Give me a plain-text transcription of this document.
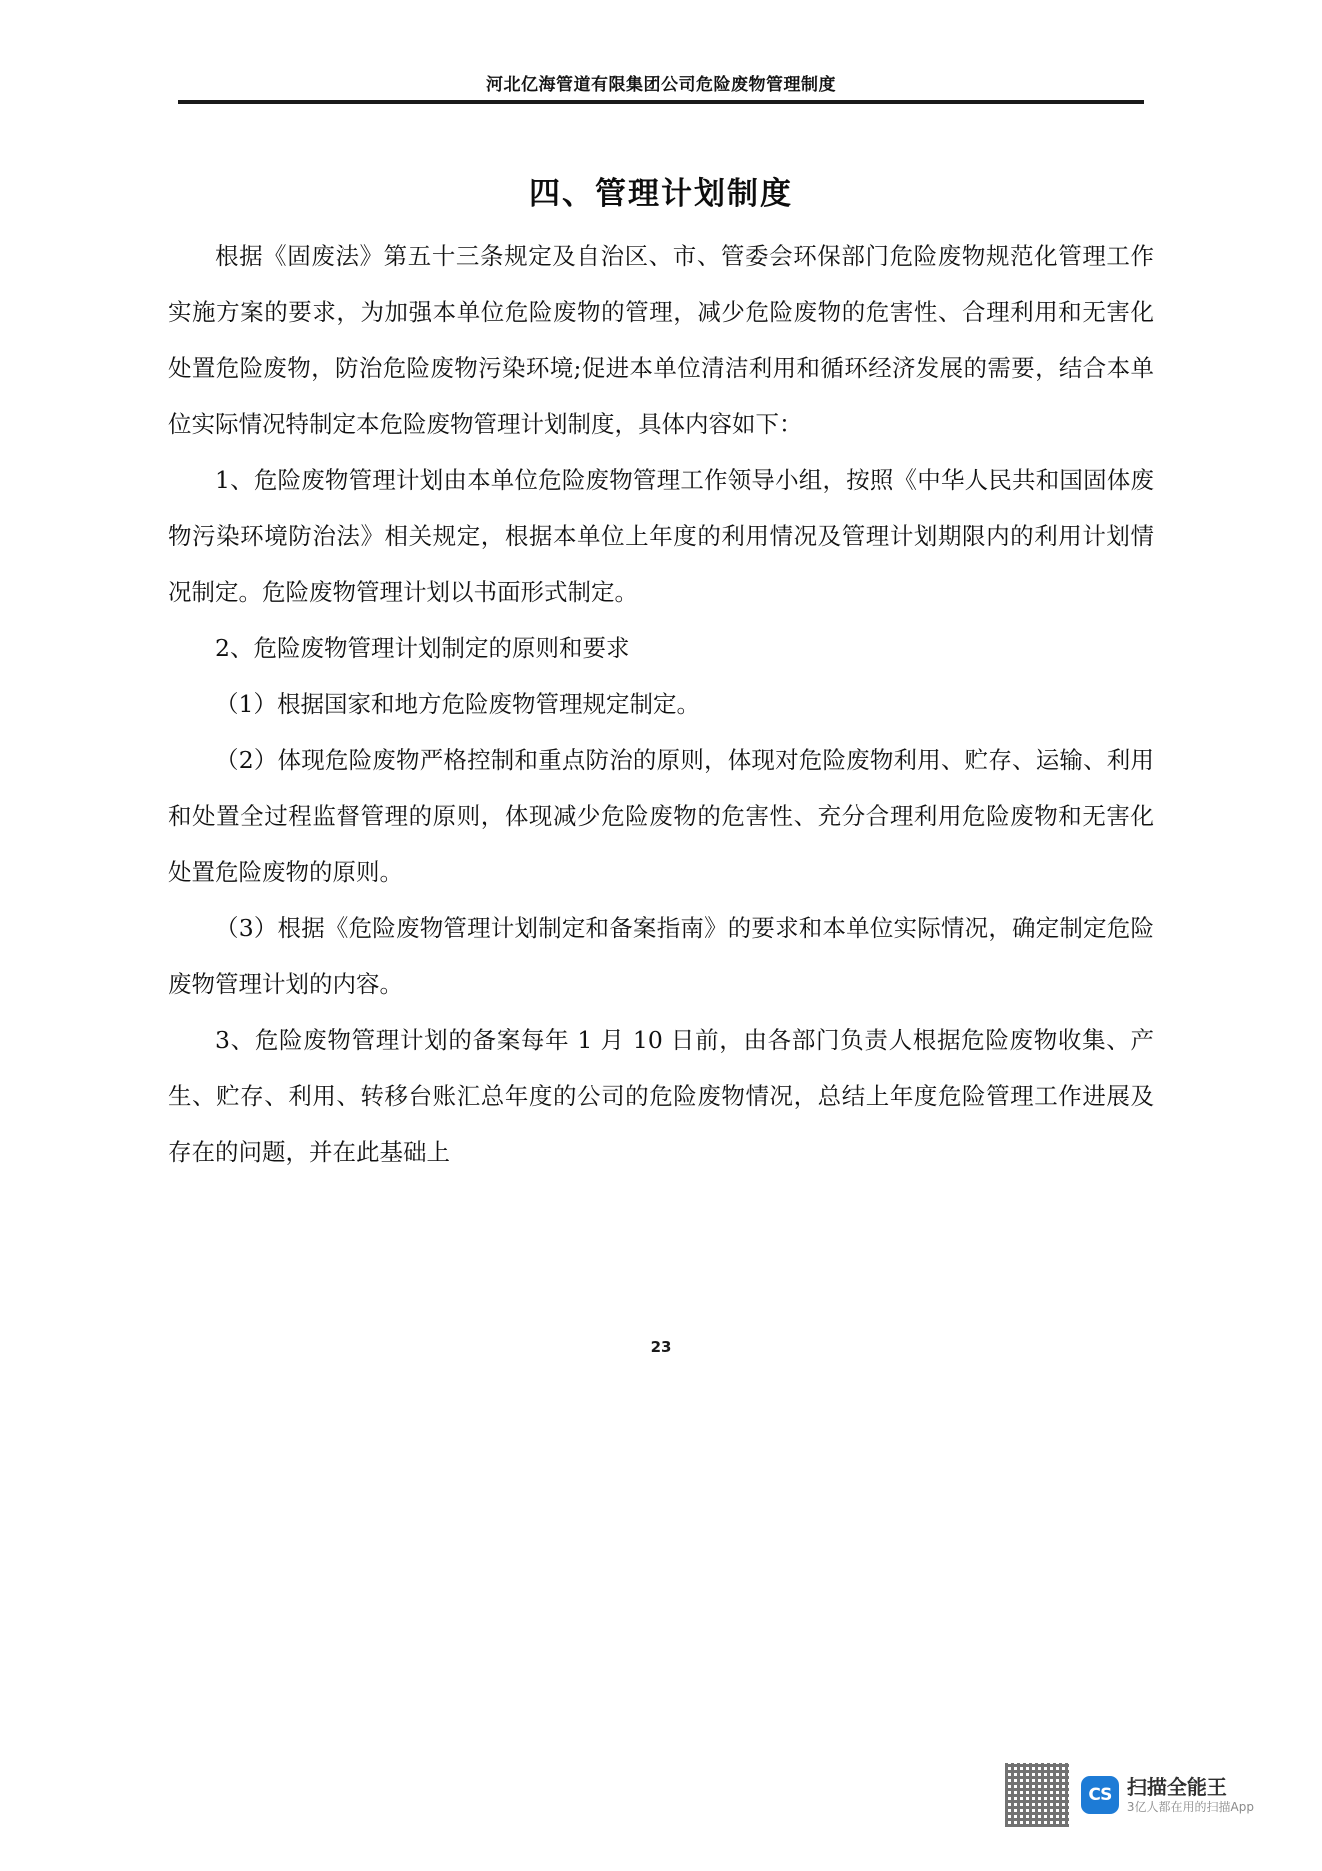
河北亿海管道有限集团公司危险废物管理制度
四、管理计划制度

根据《固废法》第五十三条规定及自治区、市、管委会环保部门危险废物规范化管理工作实施方案的要求，为加强本单位危险废物的管理，减少危险废物的危害性、合理利用和无害化处置危险废物，防治危险废物污染环境;促进本单位清洁利用和循环经济发展的需要，结合本单位实际情况特制定本危险废物管理计划制度，具体内容如下：

1、危险废物管理计划由本单位危险废物管理工作领导小组，按照《中华人民共和国固体废物污染环境防治法》相关规定，根据本单位上年度的利用情况及管理计划期限内的利用计划情况制定。危险废物管理计划以书面形式制定。

2、危险废物管理计划制定的原则和要求

（1）根据国家和地方危险废物管理规定制定。

（2）体现危险废物严格控制和重点防治的原则，体现对危险废物利用、贮存、运输、利用和处置全过程监督管理的原则，体现减少危险废物的危害性、充分合理利用危险废物和无害化处置危险废物的原则。

（3）根据《危险废物管理计划制定和备案指南》的要求和本单位实际情况，确定制定危险废物管理计划的内容。

3、危险废物管理计划的备案每年 1 月 10 日前，由各部门负责人根据危险废物收集、产生、贮存、利用、转移台账汇总年度的公司的危险废物情况，总结上年度危险管理工作进展及存在的问题，并在此基础上

23
CS 扫描全能王
3亿人都在用的扫描App
